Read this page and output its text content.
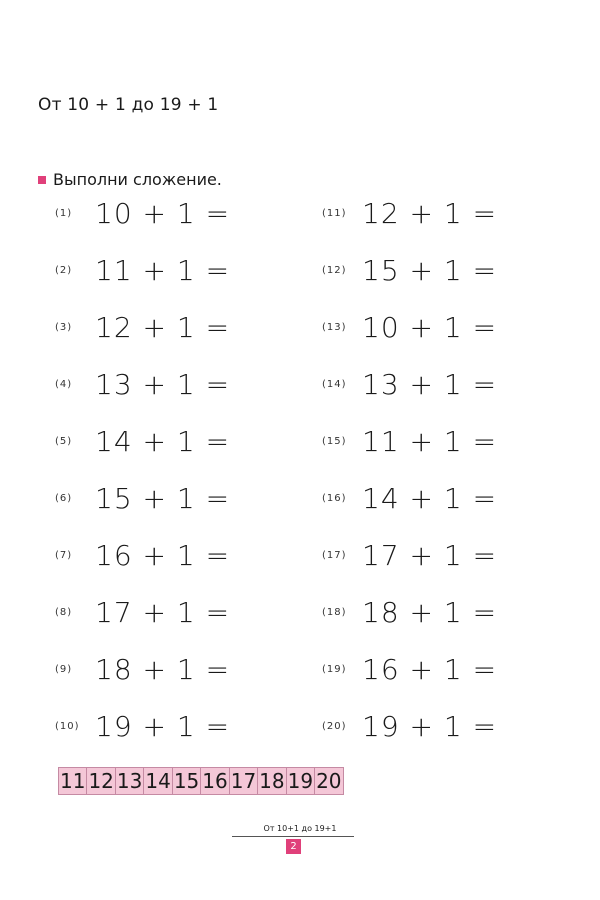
От 10 + 1 до 19 + 1
Выполни сложение.
(1) 10 + 1 =
(2) 11 + 1 =
(3) 12 + 1 =
(4) 13 + 1 =
(5) 14 + 1 =
(6) 15 + 1 =
(7) 16 + 1 =
(8) 17 + 1 =
(9) 18 + 1 =
(10) 19 + 1 =
(11) 12 + 1 =
(12) 15 + 1 =
(13) 10 + 1 =
(14) 13 + 1 =
(15) 11 + 1 =
(16) 14 + 1 =
(17) 17 + 1 =
(18) 18 + 1 =
(19) 16 + 1 =
(20) 19 + 1 =
11 12 13 14 15 16 17 18 19 20
От 10+1 до 19+1
2
